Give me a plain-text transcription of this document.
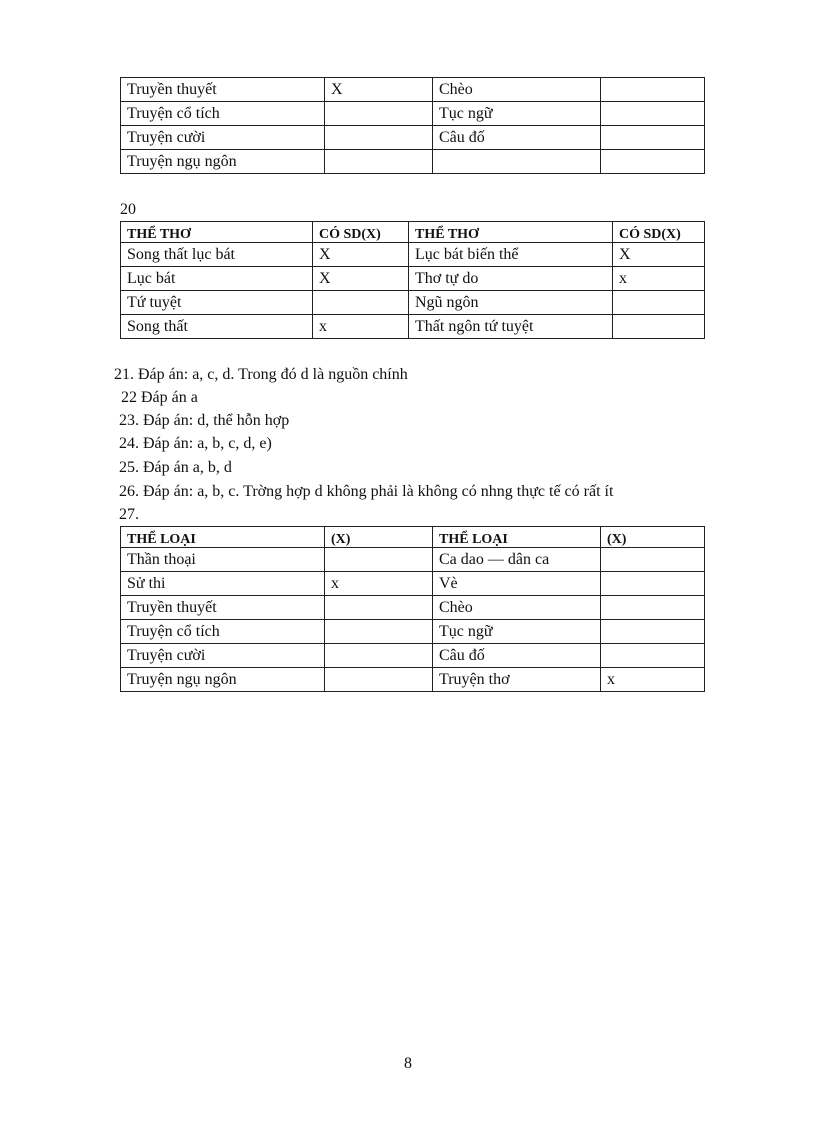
Truyền thuyết	X	Chèo	
Truyện cổ tích		Tục ngữ	
Truyện cười		Câu đố	
Truyện ngụ ngôn			
20
THỂ THƠ	CÓ SD(X)	THỂ THƠ	CÓ SD(X)
Song thất lục bát	X	Lục bát biến thể	X
Lục bát	X	Thơ tự do	x
Tứ tuyệt		Ngũ ngôn	
Song thất	x	Thất ngôn tứ tuyệt	
21. Đáp án: a, c, d. Trong đó d là nguồn chính
22 Đáp án a
23. Đáp án: d, thể hỗn hợp
24. Đáp án: a, b, c, d, e)
25. Đáp án a, b, d
26. Đáp án: a, b, c. Trờng hợp d không phải là không có nhng thực tế có rất ít
27.
THỂ LOẠI	(X)	THỂ LOẠI	(X)
Thần thoại		Ca dao — dân ca	
Sử thi	x	Vè	
Truyền thuyết		Chèo	
Truyện cổ tích		Tục ngữ	
Truyện cười		Câu đố	
Truyện ngụ ngôn		Truyện thơ	x
8
